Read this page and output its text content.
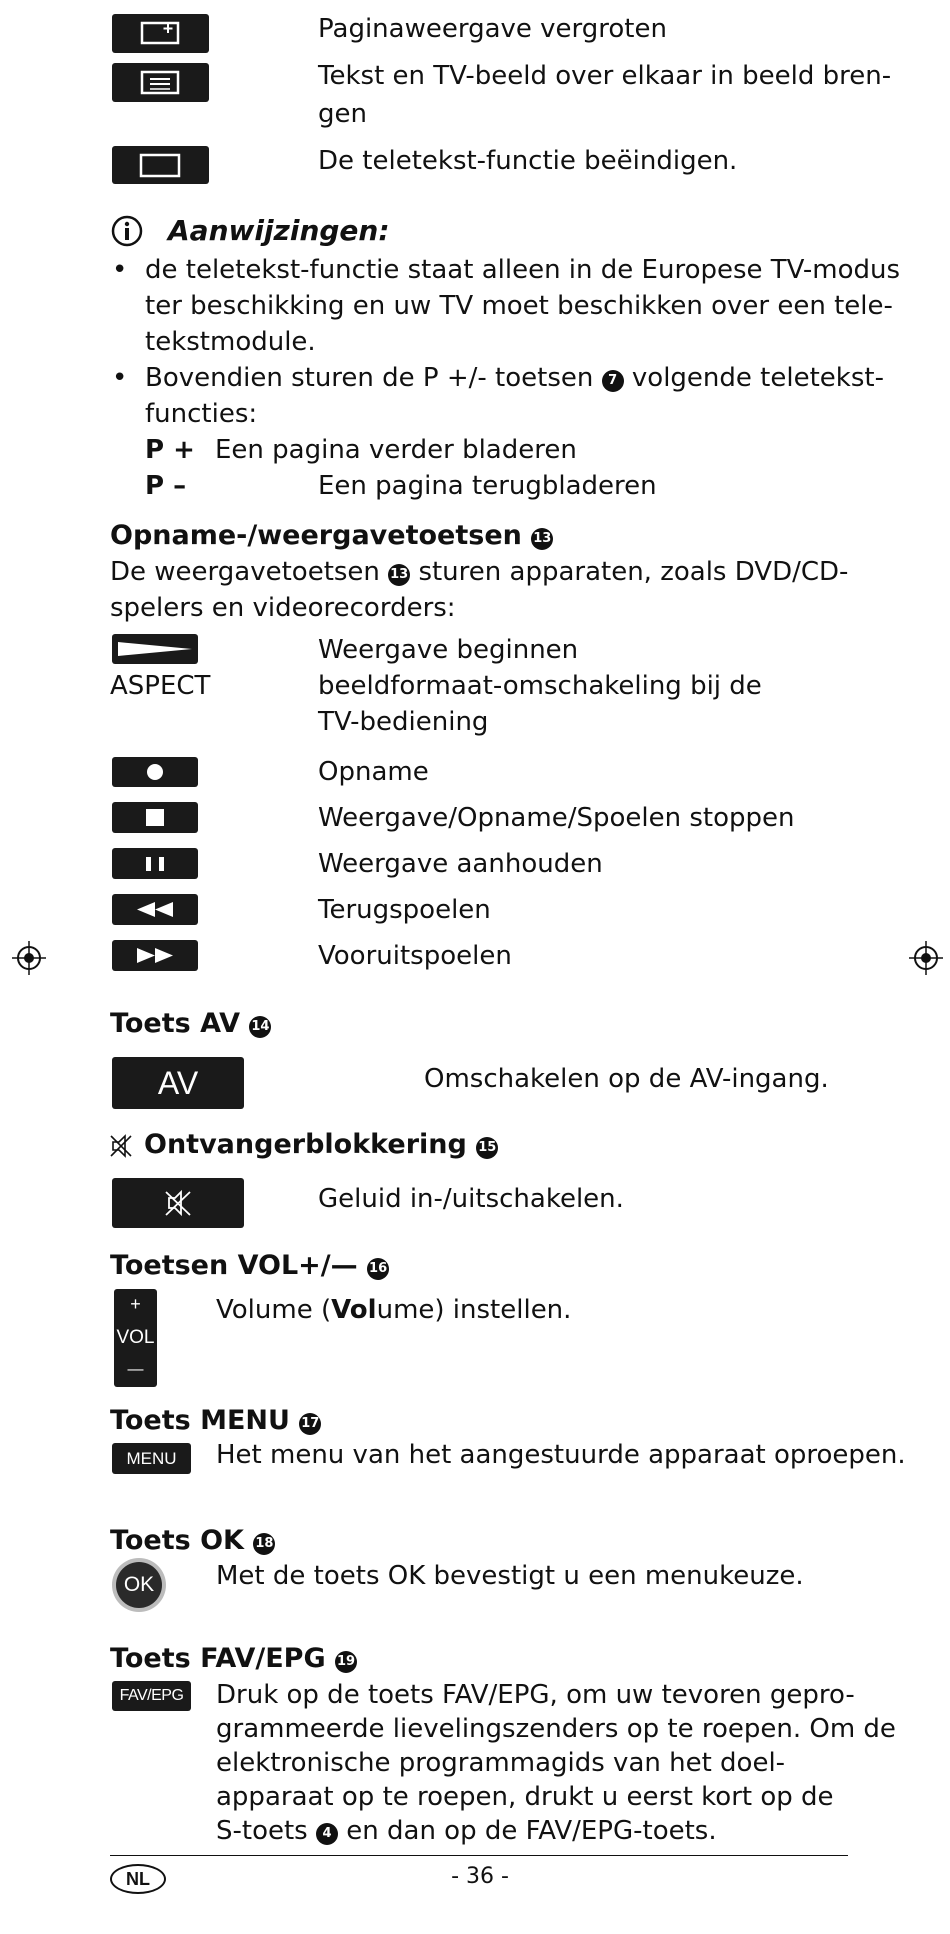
Paginaweergave vergroten
Tekst en TV-beeld over elkaar in beeld bren-
gen
De teletekst-functie beëindigen.
Aanwijzingen:
• de teletekst-functie staat alleen in de Europese TV-modus
ter beschikking en uw TV moet beschikken over een tele-
tekstmodule.
• Bovendien sturen de P +/- toetsen 7 volgende teletekst-
functies:
P + Een pagina verder bladeren
P –	Een pagina terugbladeren
Opname-/weergavetoetsen 13
De weergavetoetsen 13 sturen apparaten, zoals DVD/CD-
spelers en videorecorders:
Weergave beginnen
ASPECT	beeldformaat-omschakeling bij de
TV-bediening
Opname
Weergave/Opname/Spoelen stoppen
Weergave aanhouden
Terugspoelen
Vooruitspoelen
Toets AV 14
AV	Omschakelen op de AV-ingang.
Ontvangerblokkering 15
Geluid in-/uitschakelen.
Toetsen VOL+/— 16
+
VOL
—
Volume (Volume) instellen.
Toets MENU 17
MENU	Het menu van het aangestuurde apparaat oproepen.
Toets OK 18
OK	Met de toets OK bevestigt u een menukeuze.
Toets FAV/EPG 19
FAV/EPG Druk op de toets FAV/EPG, om uw tevoren gepro-
grammeerde lievelingszenders op te roepen. Om de
elektronische programmagids van het doel-
apparaat op te roepen, drukt u eerst kort op de
S-toets 4 en dan op de FAV/EPG-toets.
NL	- 36 -
